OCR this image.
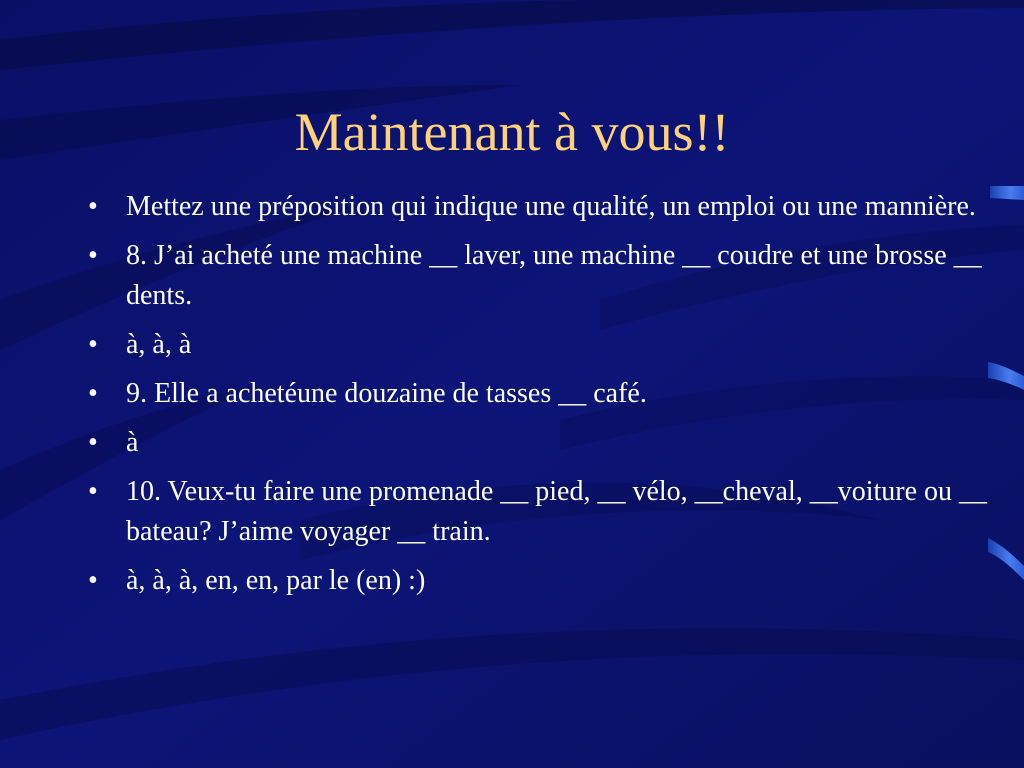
Maintenant à vous!!
• Mettez une préposition qui indique une qualité, un emploi ou une mannière.
• 8. J’ai acheté une machine __ laver, une machine __ coudre et une brosse __ dents.
• à, à, à
• 9. Elle a achetéune douzaine de tasses __ café.
• à
• 10. Veux-tu faire une promenade __ pied, __ vélo, __cheval, __voiture ou __ bateau? J’aime voyager __ train.
• à, à, à, en, en, par le (en) :)
